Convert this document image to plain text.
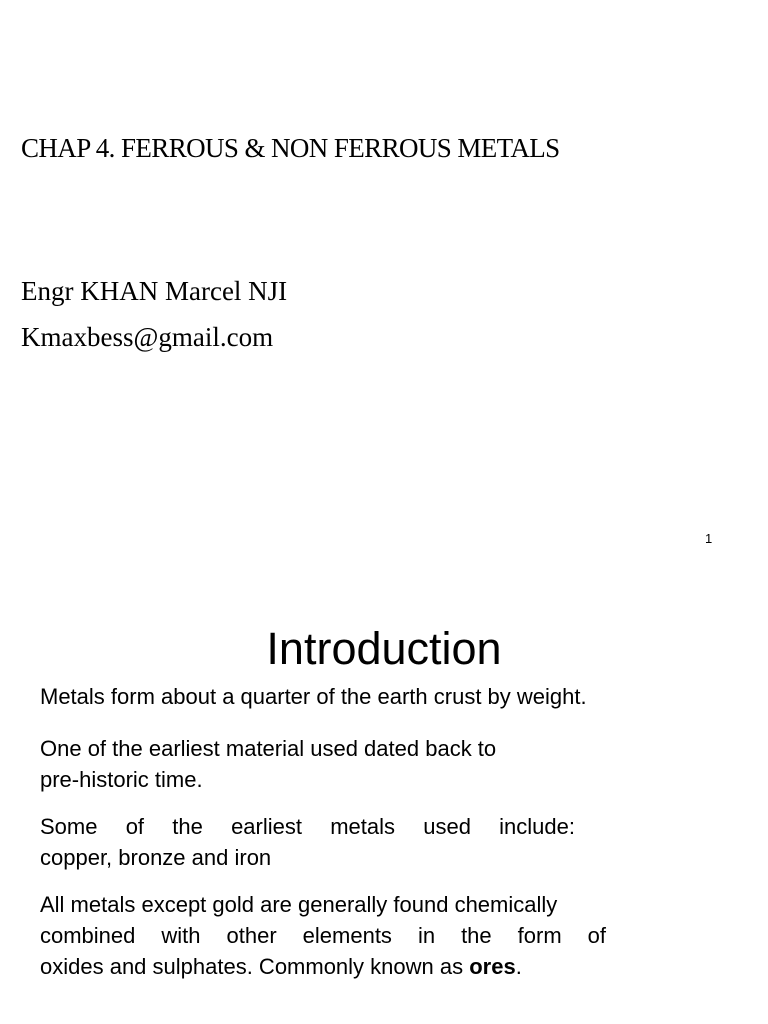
CHAP 4. FERROUS & NON FERROUS METALS
Engr KHAN Marcel NJI
Kmaxbess@gmail.com
1
Introduction
Metals form about a quarter of the earth crust by weight.
One of the earliest material used dated back to
pre-historic time.
Some of the earliest metals used include:
copper, bronze and iron
All metals except gold are generally found chemically
combined with other elements in the form of
oxides and sulphates. Commonly known as ores.
